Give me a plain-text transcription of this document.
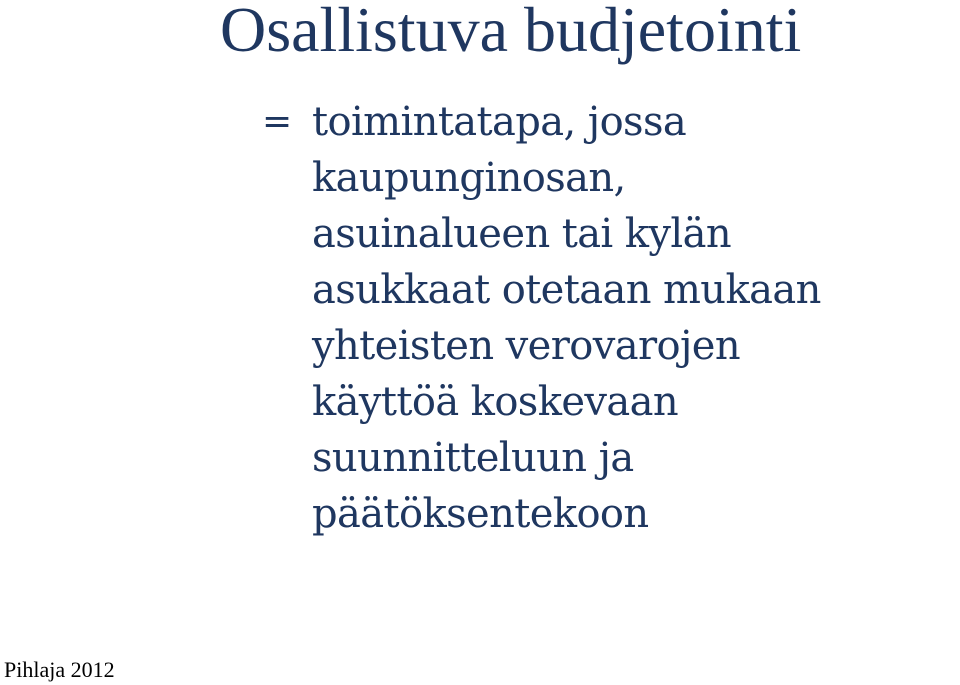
Osallistuva budjetointi
= toimintatapa, jossa
kaupunginosan,
asuinalueen tai kylän
asukkaat otetaan mukaan
yhteisten verovarojen
käyttöä koskevaan
suunnitteluun ja
päätöksentekoon
Pihlaja 2012
